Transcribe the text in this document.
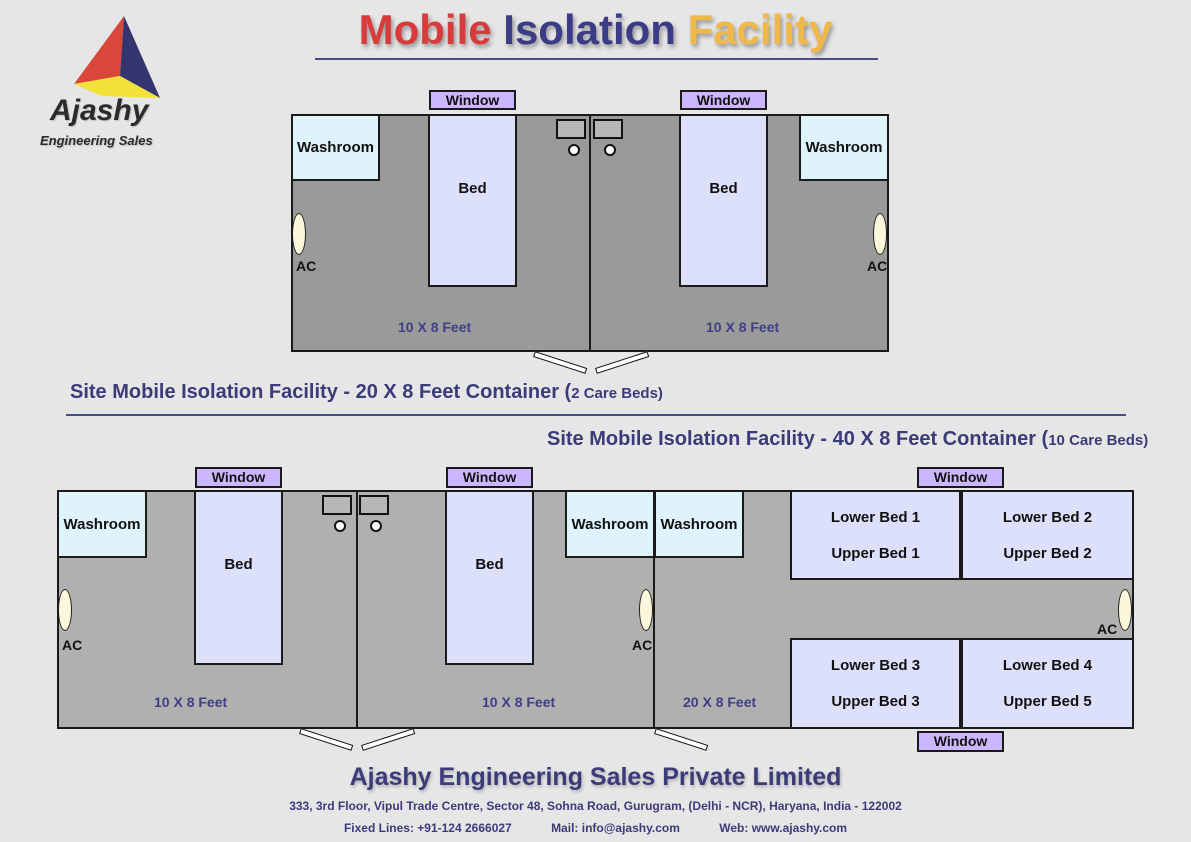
Ajashy
Engineering Sales
Mobile Isolation Facility
Window	Window
Washroom	Washroom
Bed	Bed
AC	AC
10 X 8 Feet	10 X 8 Feet
Site Mobile Isolation Facility - 20 X 8 Feet Container (2 Care Beds)
Site Mobile Isolation Facility - 40 X 8 Feet Container (10 Care Beds)
Window	Window	Window
Window
Washroom	Washroom Washroom
Bed	Bed
AC	AC
AC
Lower Bed 1
Upper Bed 1
Lower Bed 2
Upper Bed 2
Lower Bed 3
Upper Bed 3
Lower Bed 4
Upper Bed 5
10 X 8 Feet	10 X 8 Feet	20 X 8 Feet
Ajashy Engineering Sales Private Limited
333, 3rd Floor, Vipul Trade Centre, Sector 48, Sohna Road, Gurugram, (Delhi - NCR), Haryana, India - 122002
Fixed Lines: +91-124 2666027	Mail: info@ajashy.com	Web: www.ajashy.com
